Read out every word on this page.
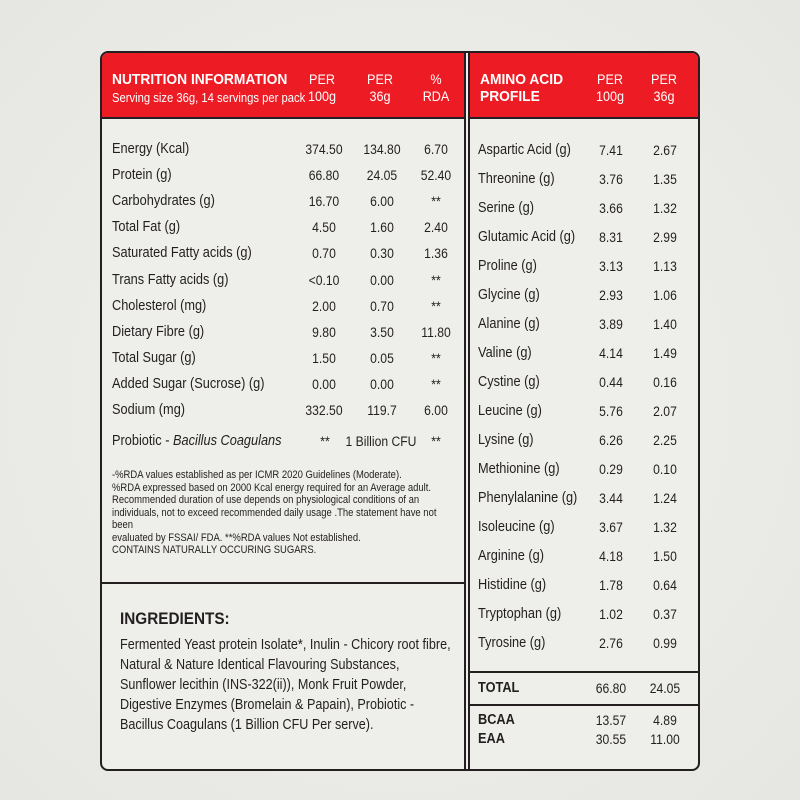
NUTRITION INFORMATION
Serving size 36g, 14 servings per pack
PER
100g
PER
36g
%
RDA
AMINO ACID
PROFILE
PER
100g
PER
36g
Energy (Kcal)	374.50 134.80	6.70
Protein (g)	66.80	24.05	52.40
Carbohydrates (g)	16.70	6.00	**
Total Fat (g)	4.50	1.60	2.40
Saturated Fatty acids (g)	0.70	0.30	1.36
Trans Fatty acids (g)	<0.10	0.00	**
Cholesterol (mg)	2.00	0.70	**
Dietary Fibre (g)	9.80	3.50	11.80
Total Sugar (g)	1.50	0.05	**
Added Sugar (Sucrose) (g)	0.00	0.00	**
Sodium (mg)	332.50	119.7	6.00
Probiotic - Bacillus Coagulans	**	1 Billion CFU	**
-%RDA values established as per ICMR 2020 Guidelines (Moderate).
%RDA expressed based on 2000 Kcal energy required for an Average adult.
Recommended duration of use depends on physiological conditions of an
individuals, not to exceed recommended daily usage .The statement have not been
evaluated by FSSAI/ FDA. **%RDA values Not established.
CONTAINS NATURALLY OCCURING SUGARS.
INGREDIENTS:
Fermented Yeast protein Isolate*, Inulin - Chicory root fibre,
Natural & Nature Identical Flavouring Substances,
Sunflower lecithin (INS-322(ii)), Monk Fruit Powder,
Digestive Enzymes (Bromelain & Papain), Probiotic -
Bacillus Coagulans (1 Billion CFU Per serve).
Aspartic Acid (g)	7.41	2.67
Threonine (g)	3.76	1.35
Serine (g)	3.66	1.32
Glutamic Acid (g)	8.31	2.99
Proline (g)	3.13	1.13
Glycine (g)	2.93	1.06
Alanine (g)	3.89	1.40
Valine (g)	4.14	1.49
Cystine (g)	0.44	0.16
Leucine (g)	5.76	2.07
Lysine (g)	6.26	2.25
Methionine (g)	0.29	0.10
Phenylalanine (g)	3.44	1.24
Isoleucine (g)	3.67	1.32
Arginine (g)	4.18	1.50
Histidine (g)	1.78	0.64
Tryptophan (g)	1.02	0.37
Tyrosine (g)	2.76	0.99
TOTAL	66.80	24.05
BCAA	13.57	4.89
EAA	30.55	11.00
